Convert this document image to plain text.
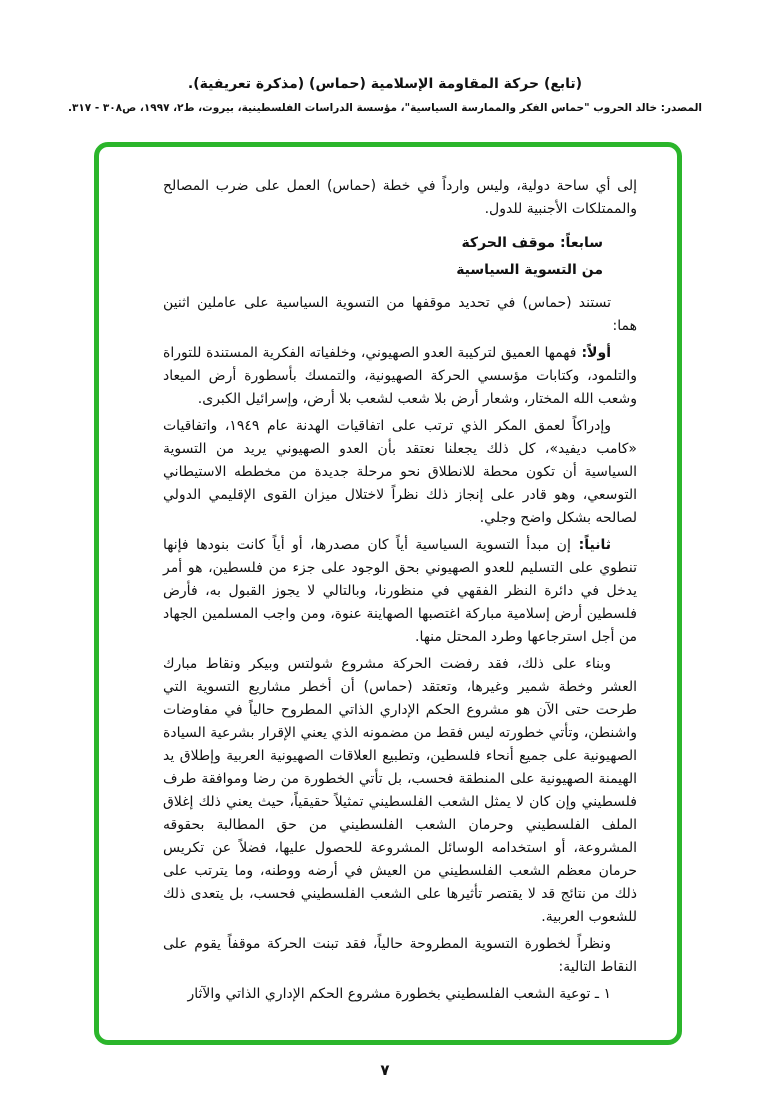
(تابع) حركة المقاومة الإسلامية (حماس) (مذكرة تعريفية).
المصدر: خالد الحروب "حماس الفكر والممارسة السياسية"، مؤسسة الدراسات الفلسطينية، بيروت، ط٢، ١٩٩٧، ص٣٠٨ - ٣١٧.

إلى أي ساحة دولية، وليس وارداً في خطة (حماس) العمل على ضرب المصالح والممتلكات الأجنبية للدول.

سابعاً: موقف الحركة
من التسوية السياسية

تستند (حماس) في تحديد موقفها من التسوية السياسية على عاملين اثنين هما:

أولاً: فهمها العميق لتركيبة العدو الصهيوني، وخلفياته الفكرية المستندة للتوراة والتلمود، وكتابات مؤسسي الحركة الصهيونية، والتمسك بأسطورة أرض الميعاد وشعب الله المختار، وشعار أرض بلا شعب لشعب بلا أرض، وإسرائيل الكبرى.

وإدراكاً لعمق المكر الذي ترتب على اتفاقيات الهدنة عام ١٩٤٩، واتفاقيات «كامب ديفيد»، كل ذلك يجعلنا نعتقد بأن العدو الصهيوني يريد من التسوية السياسية أن تكون محطة للانطلاق نحو مرحلة جديدة من مخططه الاستيطاني التوسعي، وهو قادر على إنجاز ذلك نظراً لاختلال ميزان القوى الإقليمي الدولي لصالحه بشكل واضح وجلي.

ثانياً: إن مبدأ التسوية السياسية أياً كان مصدرها، أو أياً كانت بنودها فإنها تنطوي على التسليم للعدو الصهيوني بحق الوجود على جزء من فلسطين، هو أمر يدخل في دائرة النظر الفقهي في منظورنا، وبالتالي لا يجوز القبول به، فأرض فلسطين أرض إسلامية مباركة اغتصبها الصهاينة عنوة، ومن واجب المسلمين الجهاد من أجل استرجاعها وطرد المحتل منها.

وبناء على ذلك، فقد رفضت الحركة مشروع شولتس وبيكر ونقاط مبارك العشر وخطة شمير وغيرها، وتعتقد (حماس) أن أخطر مشاريع التسوية التي طرحت حتى الآن هو مشروع الحكم الإداري الذاتي المطروح حالياً في مفاوضات واشنطن، وتأتي خطورته ليس فقط من مضمونه الذي يعني الإقرار بشرعية السيادة الصهيونية على جميع أنحاء فلسطين، وتطبيع العلاقات الصهيونية العربية وإطلاق يد الهيمنة الصهيونية على المنطقة فحسب، بل تأتي الخطورة من رضا وموافقة طرف فلسطيني وإن كان لا يمثل الشعب الفلسطيني تمثيلاً حقيقياً، حيث يعني ذلك إغلاق الملف الفلسطيني وحرمان الشعب الفلسطيني من حق المطالبة بحقوقه المشروعة، أو استخدامه الوسائل المشروعة للحصول عليها، فضلاً عن تكريس حرمان معظم الشعب الفلسطيني من العيش في أرضه ووطنه، وما يترتب على ذلك من نتائج قد لا يقتصر تأثيرها على الشعب الفلسطيني فحسب، بل يتعدى ذلك للشعوب العربية.

ونظراً لخطورة التسوية المطروحة حالياً، فقد تبنت الحركة موقفاً يقوم على النقاط التالية:

١ ـ توعية الشعب الفلسطيني بخطورة مشروع الحكم الإداري الذاتي والآثار

٧
